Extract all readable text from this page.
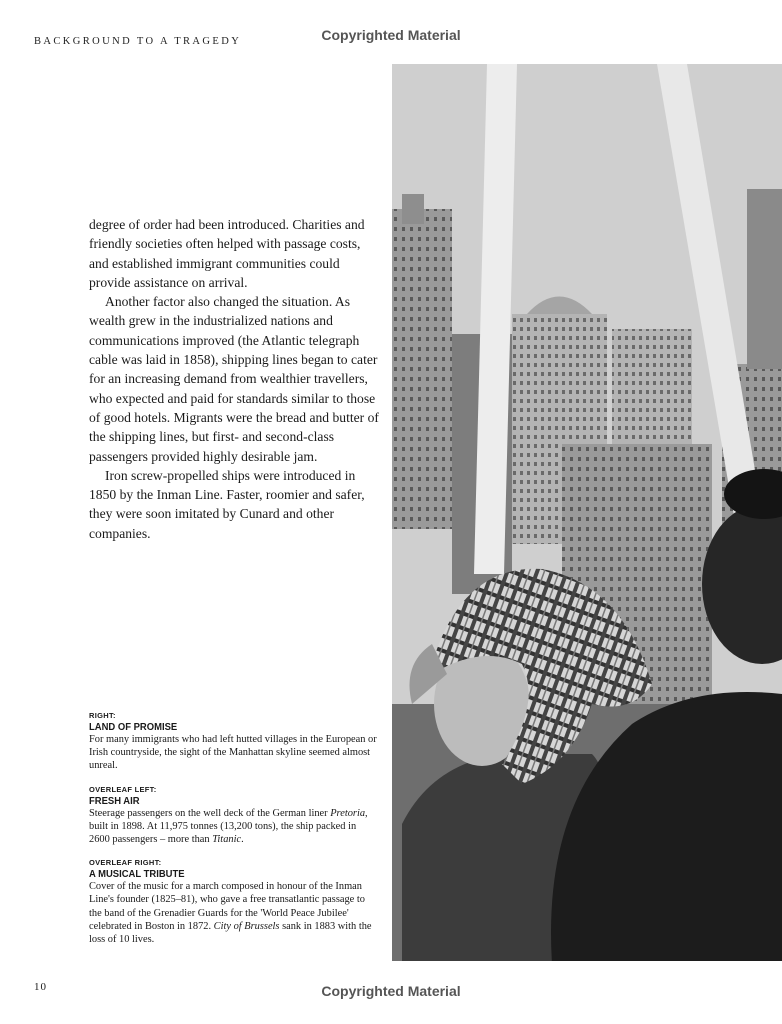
BACKGROUND TO A TRAGEDY	Copyrighted Material

degree of order had been introduced. Charities and friendly societies often helped with passage costs, and established immigrant communities could provide assistance on arrival.

Another factor also changed the situation. As wealth grew in the industrialized nations and communications improved (the Atlantic telegraph cable was laid in 1858), shipping lines began to cater for an increasing demand from wealthier travellers, who expected and paid for standards similar to those of good hotels. Migrants were the bread and butter of the shipping lines, but first- and second-class passengers provided highly desirable jam.

Iron screw-propelled ships were introduced in 1850 by the Inman Line. Faster, roomier and safer, they were soon imitated by Cunard and other companies.

RIGHT:
LAND OF PROMISE
For many immigrants who had left hutted villages in the European or Irish countryside, the sight of the Manhattan skyline seemed almost unreal.
OVERLEAF LEFT:
FRESH AIR
Steerage passengers on the well deck of the German liner Pretoria, built in 1898. At 11,975 tonnes (13,200 tons), the ship packed in 2600 passengers – more than Titanic.
OVERLEAF RIGHT:
A MUSICAL TRIBUTE
Cover of the music for a march composed in honour of the Inman Line's founder (1825–81), who gave a free transatlantic passage to the band of the Grenadier Guards for the 'World Peace Jubilee' celebrated in Boston in 1872. City of Brussels sank in 1883 with the loss of 10 lives.
10	Copyrighted Material
